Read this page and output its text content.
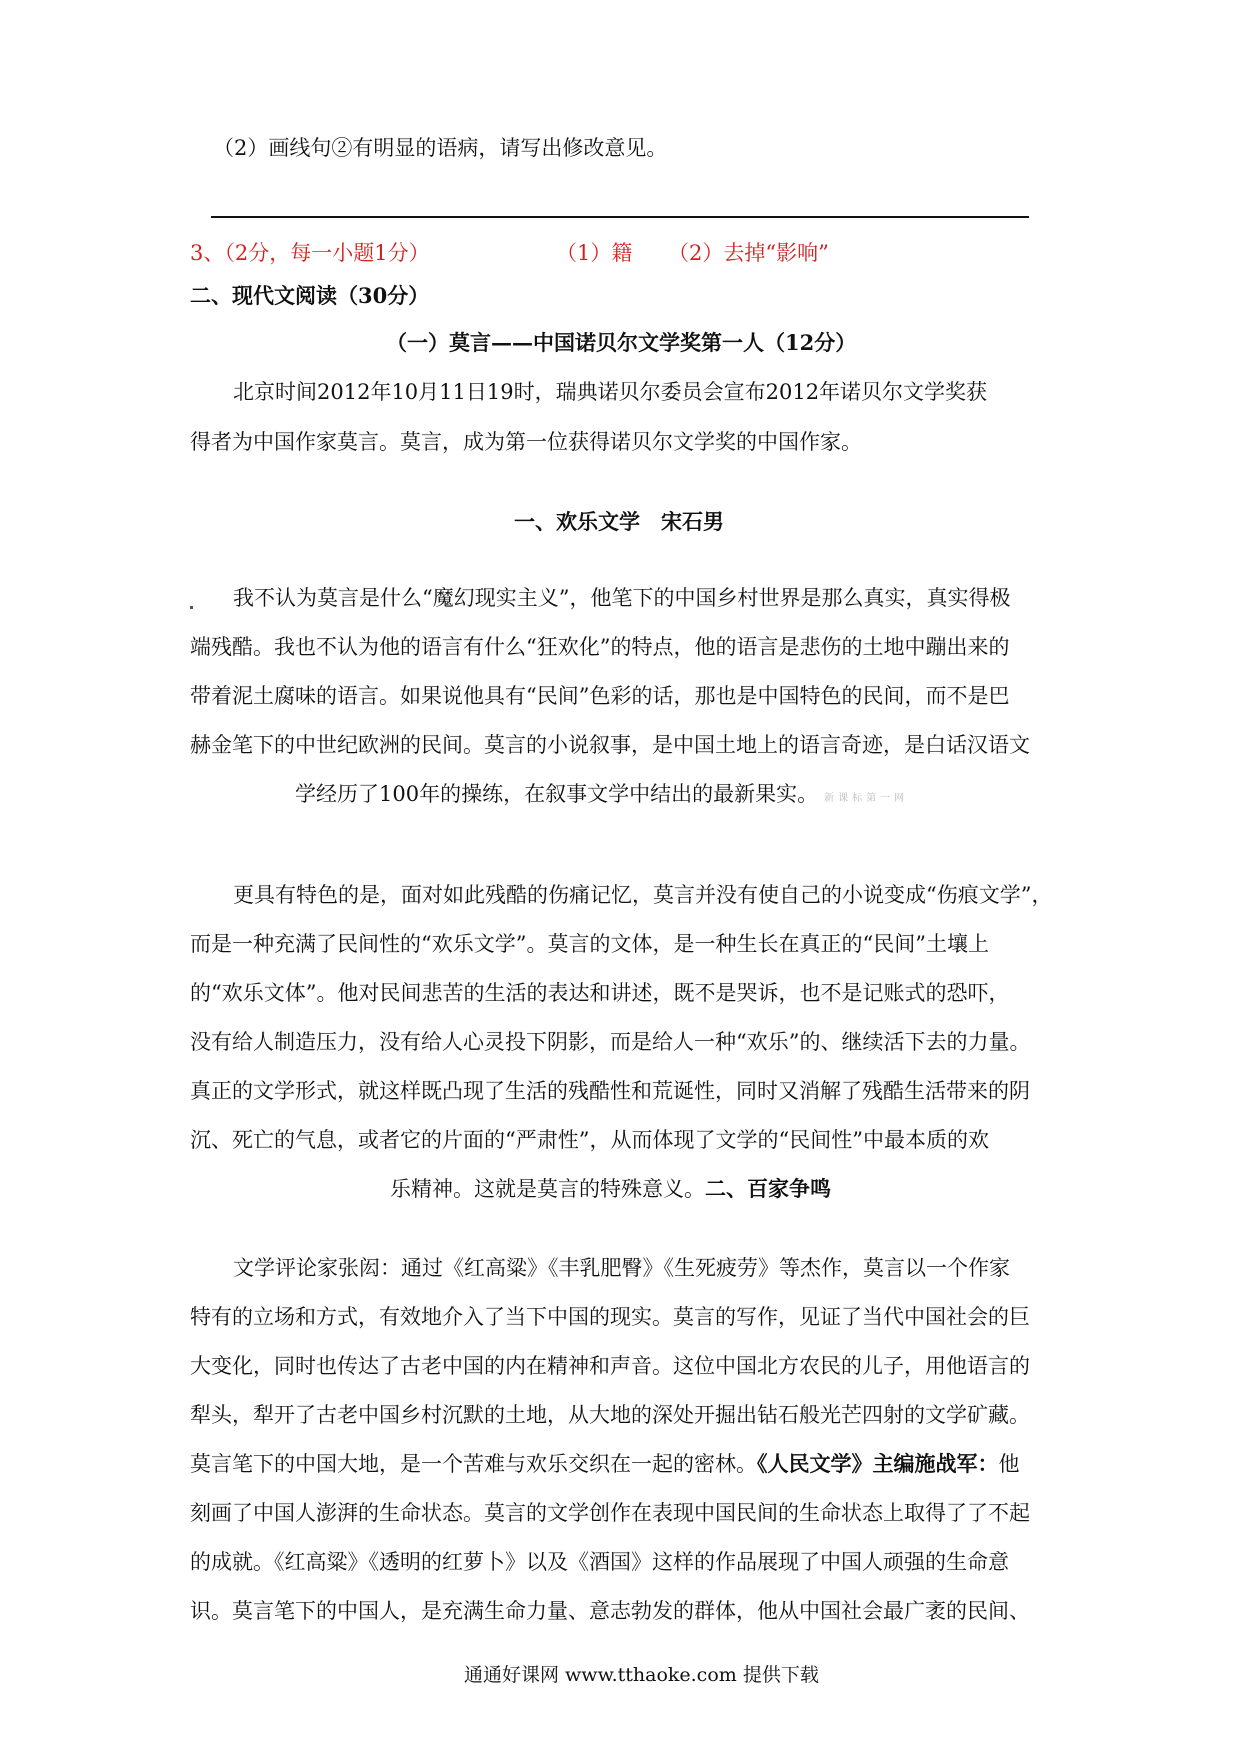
（2）画线句②有明显的语病，请写出修改意见。
3、（2分，每一小题1分）	（1）籍 （2）去掉“影响”
二、现代文阅读（30分）
（一）莫言——中国诺贝尔文学奖第一人（12分）
北京时间2012年10月11日19时，瑞典诺贝尔委员会宣布2012年诺贝尔文学奖获
得者为中国作家莫言。莫言，成为第一位获得诺贝尔文学奖的中国作家。
一、欢乐文学　宋石男
我不认为莫言是什么“魔幻现实主义”，他笔下的中国乡村世界是那么真实，真实得极
端残酷。我也不认为他的语言有什么“狂欢化”的特点，他的语言是悲伤的土地中蹦出来的
带着泥土腐味的语言。如果说他具有“民间”色彩的话，那也是中国特色的民间，而不是巴
赫金笔下的中世纪欧洲的民间。莫言的小说叙事，是中国土地上的语言奇迹，是白话汉语文
学经历了100年的操练，在叙事文学中结出的最新果实。 新课标第一网
更具有特色的是，面对如此残酷的伤痛记忆，莫言并没有使自己的小说变成“伤痕文学”，
而是一种充满了民间性的“欢乐文学”。莫言的文体，是一种生长在真正的“民间”土壤上
的“欢乐文体”。他对民间悲苦的生活的表达和讲述，既不是哭诉，也不是记账式的恐吓，
没有给人制造压力，没有给人心灵投下阴影，而是给人一种“欢乐”的、继续活下去的力量。
真正的文学形式，就这样既凸现了生活的残酷性和荒诞性，同时又消解了残酷生活带来的阴
沉、死亡的气息，或者它的片面的“严肃性”，从而体现了文学的“民间性”中最本质的欢
乐精神。这就是莫言的特殊意义。二、百家争鸣
文学评论家张闳：通过《红高粱》《丰乳肥臀》《生死疲劳》等杰作，莫言以一个作家
特有的立场和方式，有效地介入了当下中国的现实。莫言的写作，见证了当代中国社会的巨
大变化，同时也传达了古老中国的内在精神和声音。这位中国北方农民的儿子，用他语言的
犁头，犁开了古老中国乡村沉默的土地，从大地的深处开掘出钻石般光芒四射的文学矿藏。
莫言笔下的中国大地，是一个苦难与欢乐交织在一起的密林。《人民文学》主编施战军：他
刻画了中国人澎湃的生命状态。莫言的文学创作在表现中国民间的生命状态上取得了了不起
的成就。《红高粱》《透明的红萝卜》以及《酒国》这样的作品展现了中国人顽强的生命意
识。莫言笔下的中国人，是充满生命力量、意志勃发的群体，他从中国社会最广袤的民间、
通通好课网 www.tthaoke.com 提供下载
